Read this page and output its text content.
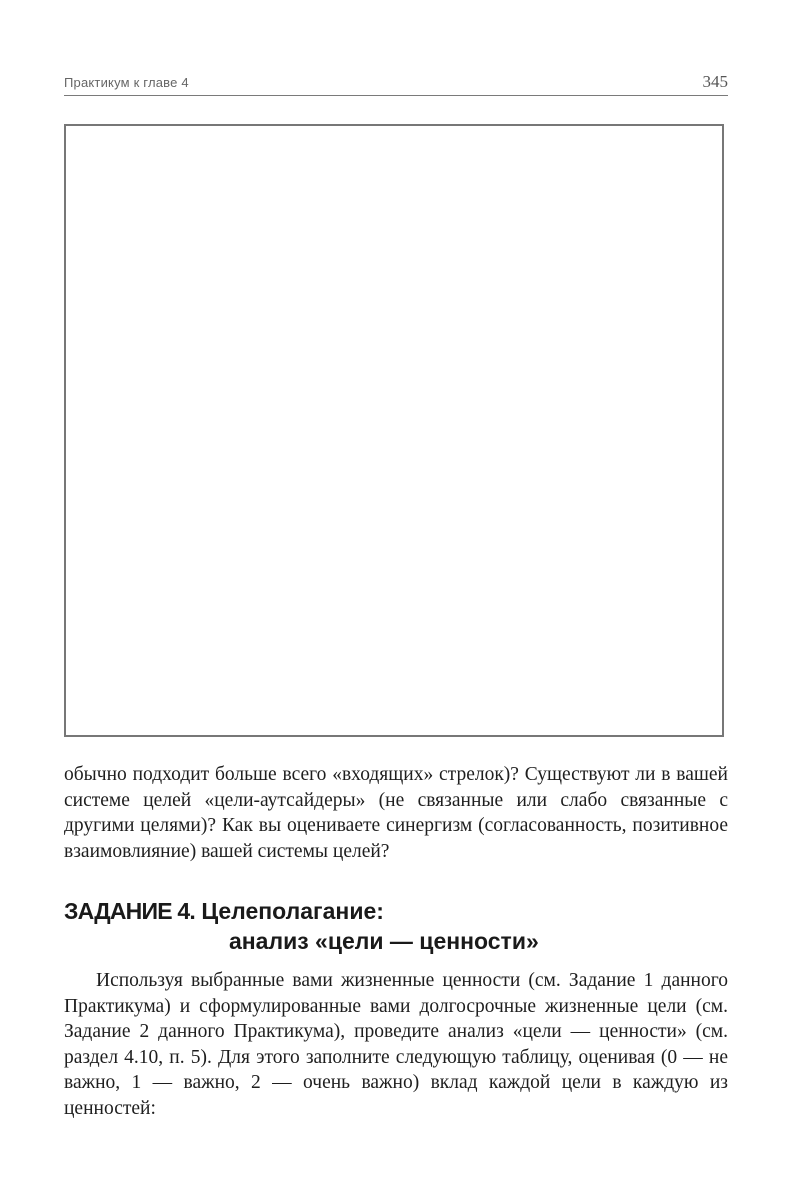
Практикум к главе 4	345

обычно подходит больше всего «входящих» стрелок)? Существуют ли в вашей системе целей «цели-аутсайдеры» (не связанные или слабо связанные с другими целями)? Как вы оцениваете синергизм (согласованность, позитивное взаимовлияние) вашей системы целей?

ЗАДАНИЕ 4. Целеполагание:
анализ «цели — ценности»

Используя выбранные вами жизненные ценности (см. Задание 1 данного Практикума) и сформулированные вами долгосрочные жизненные цели (см. Задание 2 данного Практикума), проведите анализ «цели — ценности» (см. раздел 4.10, п. 5). Для этого заполните следующую таблицу, оценивая (0 — не важно, 1 — важно, 2 — очень важно) вклад каждой цели в каждую из ценностей:
